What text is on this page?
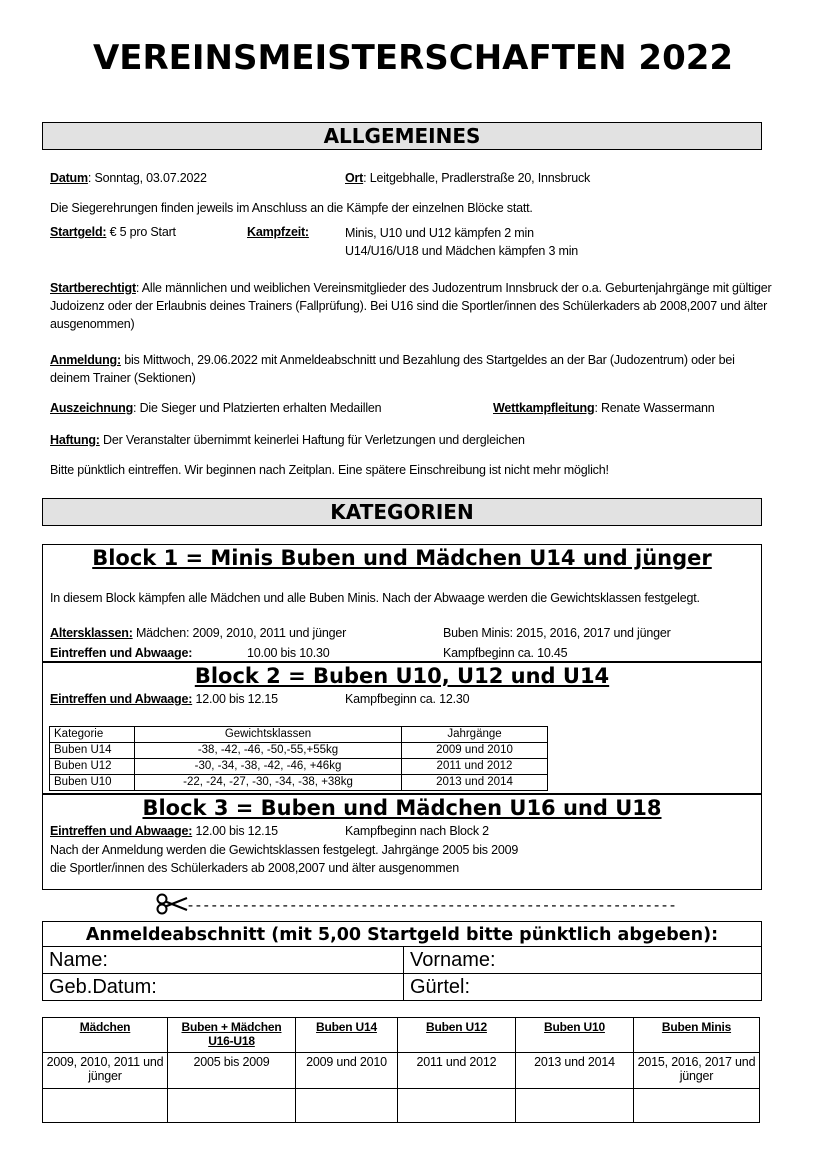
VEREINSMEISTERSCHAFTEN 2022
ALLGEMEINES
Datum: Sonntag, 03.07.2022	Ort: Leitgebhalle, Pradlerstraße 20, Innsbruck
Die Siegerehrungen finden jeweils im Anschluss an die Kämpfe der einzelnen Blöcke statt.
Startgeld: € 5 pro Start	Kampfzeit:	Minis, U10 und U12 kämpfen 2 min
U14/U16/U18 und Mädchen kämpfen 3 min
Startberechtigt: Alle männlichen und weiblichen Vereinsmitglieder des Judozentrum Innsbruck der o.a. Geburtenjahrgänge mit gültiger Judoizenz oder der Erlaubnis deines Trainers (Fallprüfung). Bei U16 sind die Sportler/innen des Schülerkaders ab 2008,2007 und älter ausgenommen)
Anmeldung: bis Mittwoch, 29.06.2022 mit Anmeldeabschnitt und Bezahlung des Startgeldes an der Bar (Judozentrum) oder bei deinem Trainer (Sektionen)
Auszeichnung: Die Sieger und Platzierten erhalten Medaillen	Wettkampfleitung: Renate Wassermann
Haftung: Der Veranstalter übernimmt keinerlei Haftung für Verletzungen und dergleichen
Bitte pünktlich eintreffen. Wir beginnen nach Zeitplan. Eine spätere Einschreibung ist nicht mehr möglich!
KATEGORIEN
Block 1 = Minis Buben und Mädchen U14 und jünger
In diesem Block kämpfen alle Mädchen und alle Buben Minis. Nach der Abwaage werden die Gewichtsklassen festgelegt.
Altersklassen: Mädchen: 2009, 2010, 2011 und jünger	Buben Minis: 2015, 2016, 2017 und jünger
Eintreffen und Abwaage:	10.00 bis 10.30	Kampfbeginn ca. 10.45
Block 2 = Buben U10, U12 und U14
Eintreffen und Abwaage: 12.00 bis 12.15	Kampfbeginn ca. 12.30
Kategorie	Gewichtsklassen	Jahrgänge
Buben U14	-38, -42, -46, -50,-55,+55kg	2009 und 2010
Buben U12	-30, -34, -38, -42, -46, +46kg	2011 und 2012
Buben U10	-22, -24, -27, -30, -34, -38, +38kg	2013 und 2014
Block 3 = Buben und Mädchen U16 und U18
Eintreffen und Abwaage: 12.00 bis 12.15	Kampfbeginn nach Block 2
Nach der Anmeldung werden die Gewichtsklassen festgelegt. Jahrgänge 2005 bis 2009
die Sportler/innen des Schülerkaders ab 2008,2007 und älter ausgenommen
--------------------------------------------------------------
Anmeldeabschnitt (mit 5,00 Startgeld bitte pünktlich abgeben):
Name:	Vorname:
Geb.Datum:	Gürtel:
Mädchen	Buben + Mädchen U16-U18	Buben U14	Buben U12	Buben U10	Buben Minis
2009, 2010, 2011 und jünger	2005 bis 2009	2009 und 2010	2011 und 2012	2013 und 2014	2015, 2016, 2017 und jünger
